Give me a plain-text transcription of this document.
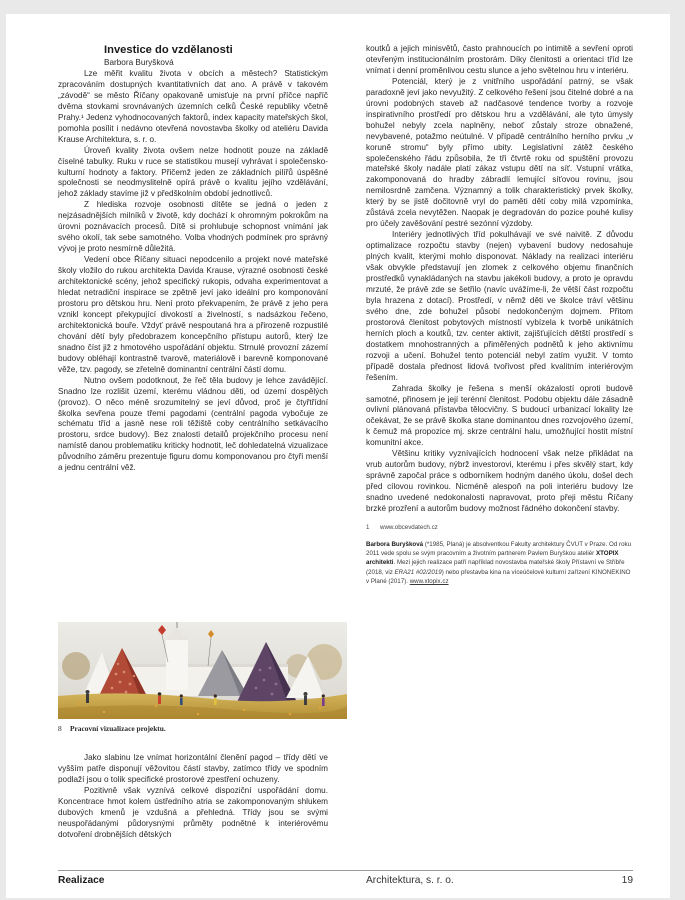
Investice do vzdělanosti
Barbora Buryšková

Lze měřit kvalitu života v obcích a městech? Statistickým zpracováním dostupných kvantitativních dat ano. A právě v takovém „závodě“ se město Říčany opakovaně umisťuje na první příčce napříč dvěma stovkami srovnávaných územních celků České republiky včetně Prahy.¹ Jedenz vyhodnocovaných faktorů, index kapacity mateřských škol, pomohla posílit i nedávno otevřená novostavba školky od ateliéru Davida Krause Architektura, s. r. o.

Úroveň kvality života ovšem nelze hodnotit pouze na základě číselné tabulky. Ruku v ruce se statistikou musejí vyhrávat i společensko-kulturní hodnoty a faktory. Přičemž jeden ze základních pilířů úspěšné společnosti se neodmyslitelně opírá právě o kvalitu jejího vzdělávání, jehož základy stavíme již v předškolním období jednotlivců.

Z hlediska rozvoje osobnosti dítěte se jedná o jeden z nejzásadnějších milníků v životě, kdy dochází k ohromným pokrokům na úrovni poznávacích procesů. Dítě si prohlubuje schopnost vnímání jak svého okolí, tak sebe samotného. Volba vhodných podmínek pro správný vývoj je proto nesmírně důležitá.

Vedení obce Říčany situaci nepodcenilo a projekt nové mateřské školy vložilo do rukou architekta Davida Krause, výrazné osobnosti české architektonické scény, jehož specifický rukopis, odvaha experimentovat a hledat netradiční inspirace se zpětně jeví jako ideální pro komponování prostoru pro dětskou hru. Není proto překvapením, že právě z jeho pera vznikl koncept překypující divokostí a živelností, s nadsázkou řečeno, architektonická bouře. Vždyť právě nespoutaná hra a přirozeně rozpustilé chování dětí byly předobrazem koncepčního přístupu autorů, který lze snadno číst již z hmotového uspořádání objektu. Strnulé provozní zázemí budovy obléhají kontrastně tvarově, materiálově i barevně komponované věže, tzv. pagody, se zřetelně dominantní centrální částí domu.

Nutno ovšem podotknout, že řeč těla budovy je lehce zavádějící. Snadno lze rozlišit území, kterému vládnou děti, od území dospělých (provoz). O něco méně srozumitelný se jeví důvod, proč je čtyřtřídní školka sevřena pouze třemi pagodami (centrální pagoda vybočuje ze schématu tříd a jasně nese roli těžiště coby centrálního setkávacího prostoru, srdce budovy). Bez znalosti detailů projekčního procesu není namístě danou problematiku kriticky hodnotit, leč dohledatelná vizualizace původního záměru prezentuje figuru domu komponovanou pro čtyři menší a jednu centrální věž.

8 Pracovní vizualizace projektu.

Jako slabinu lze vnímat horizontální členění pagod – třídy dětí ve vyšším patře disponují věžovitou částí stavby, zatímco třídy ve spodním podlaží jsou o tolik specifické prostorové zpestření ochuzeny.

Pozitivně však vyznívá celkové dispoziční uspořádání domu. Koncentrace hmot kolem ústředního atria se zakomponovaným shlukem dubových kmenů je vzdušná a přehledná. Třídy jsou se svými neuspořádanými půdorysnými průměty podnětné k interiérovému dotvoření drobnějších dětských

koutků a jejich minisvětů, často prahnoucích po intimitě a sevření oproti otevřeným institucionálním prostorám. Díky členitosti a orientaci tříd lze vnímat i denní proměnlivou cestu slunce a jeho světelnou hru v interiéru.

Potenciál, který je z vnitřního uspořádání patrný, se však paradoxně jeví jako nevyužitý. Z celkového řešení jsou čitelné dobré a na úrovni podobných staveb až nadčasové tendence tvorby a rozvoje inspirativního prostředí pro dětskou hru a vzdělávání, ale tyto úmysly bohužel nebyly zcela naplněny, neboť zůstaly stroze obnažené, nevybavené, potažmo neútulné. V případě centrálního herního prvku „v koruně stromu“ byly přímo ubity. Legislativní zátěž českého společenského řádu způsobila, že tři čtvrtě roku od spuštění provozu mateřské školy nadále platí zákaz vstupu dětí na síť. Vstupní vrátka, zakomponovaná do hradby zábradlí lemující síťovou rovinu, jsou nemilosrdně zamčena. Významný a tolik charakteristický prvek školky, který by se jistě dočitovně vryl do paměti dětí coby milá vzpomínka, zůstává zcela nevytěžen. Naopak je degradován do pozice pouhé kulisy pro účely zavěšování pestré sezónní výzdoby.

Interiéry jednotlivých tříd pokulhávají ve své naivitě. Z důvodu optimalizace rozpočtu stavby (nejen) vybavení budovy nedosahuje plných kvalit, kterými mohlo disponovat. Náklady na realizaci interiéru však obvykle představují jen zlomek z celkového objemu finančních prostředků vynakládaných na stavbu jakékoli budovy, a proto je opravdu mrzuté, že právě zde se šetřilo (navíc uvážíme-li, že větší část rozpočtu byla hrazena z dotací). Prostředí, v němž děti ve školce tráví většinu svého dne, zde bohužel působí nedokončeným dojmem. Přitom prostorová členitost pobytových místností vybízela k tvorbě unikátních herních ploch a koutků, tzv. center aktivit, zajišťujících dětští prostředí s dostatkem mnohostranných a přiměřených podnětů k jeho aktivnímu rozvoji a učení. Bohužel tento potenciál nebyl zatím využit. V tomto případě dostala přednost lidová tvořivost před kvalitním interiérovým řešením.

Zahrada školky je řešena s menší okázalostí oproti budově samotné, přinosem je její terénní členitost. Podobu objektu dále zásadně ovlivní plánovaná přístavba tělocvičny. S budoucí urbanizací lokality lze očekávat, že se právě školka stane dominantou dnes rozvojového území, k čemuž má propozice mj. skrze centrální halu, umožňující hostit místní komunitní akce.

Většinu kritiky vyznívajících hodnocení však nelze přikládat na vrub autorům budovy, nýbrž investorovi, kterému i přes skvělý start, kdy správně započal práce s odborníkem hodným daného úkolu, došel dech před cílovou rovinkou. Nicméně alespoň na poli interiéru budovy lze snadno uvedené nedokonalosti napravovat, proto přeji městu Říčany brzké prozření a autorům budovy možnost řádného dokončení stavby.

1 www.obcevdatech.cz

Barbora Buryšková (*1985, Planá) je absolventkou Fakulty architektury ČVUT v Praze. Od roku 2011 vede spolu se svým pracovním a životním partnerem Pavlem Buryškou ateliér XTOPIX architekti. Mezi jejich realizace patří například novostavba mateřské školy Přístavní ve Stříbře (2018, viz ERA21 #02/2019) nebo přestavba kina na víceúčelové kulturní zařízení KINONEKINO v Plané (2017). www.xtopix.cz

Realizace	Architektura, s. r. o.	19
